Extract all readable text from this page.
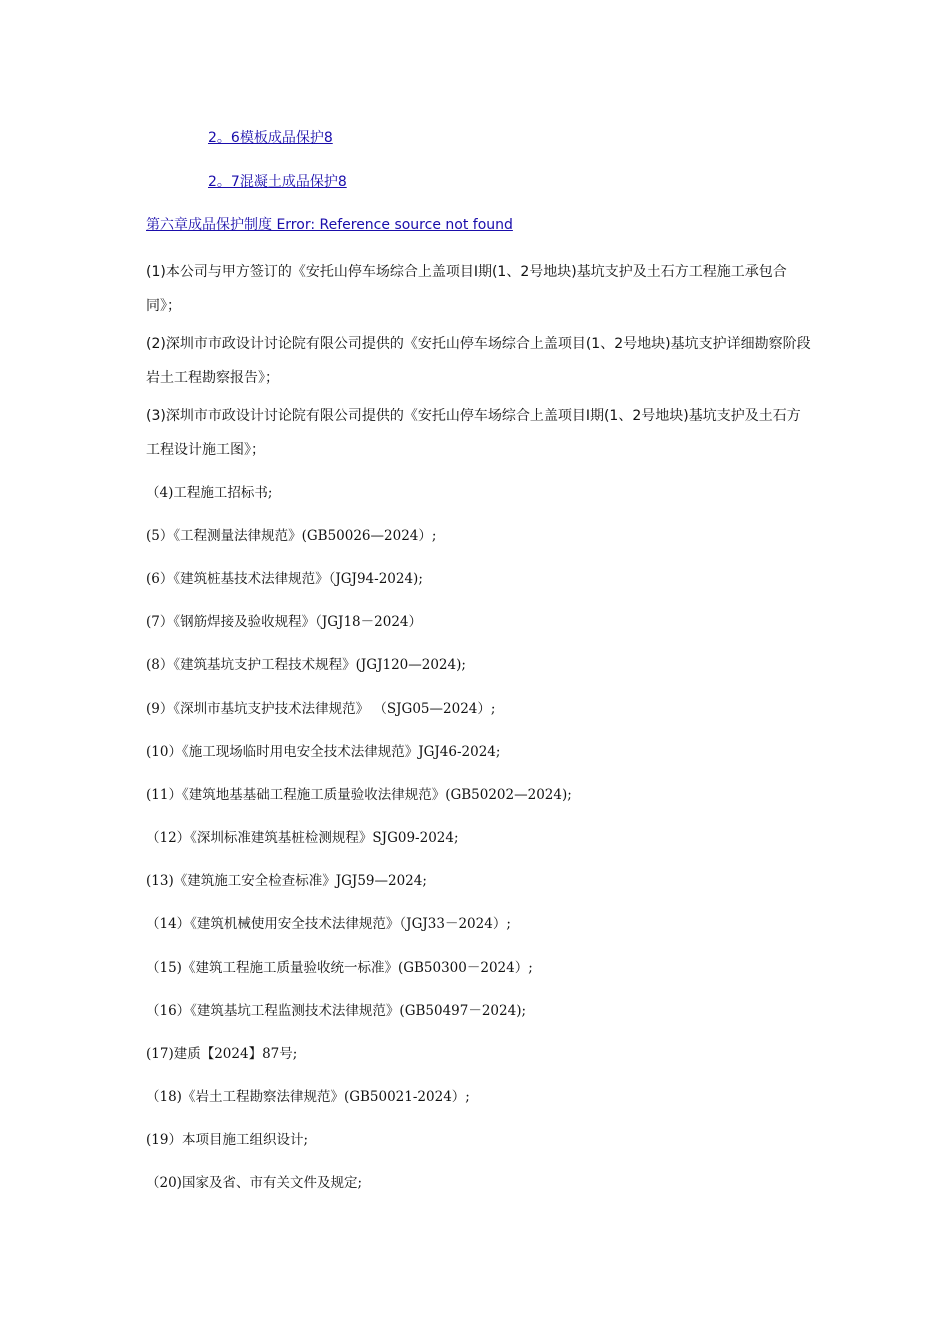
2。6模板成品保护8
2。7混凝土成品保护8
第六章成品保护制度 Error: Reference source not found

(1)本公司与甲方签订的《安托山停车场综合上盖项目Ⅰ期(1、2号地块)基坑支护及土石方工程施工承包合同》；

(2)深圳市市政设计讨论院有限公司提供的《安托山停车场综合上盖项目(1、2号地块)基坑支护详细勘察阶段岩土工程勘察报告》；

(3)深圳市市政设计讨论院有限公司提供的《安托山停车场综合上盖项目Ⅰ期(1、2号地块)基坑支护及土石方工程设计施工图》；

（4)工程施工招标书;

(5）《工程测量法律规范》(GB50026—2024）;

(6）《建筑桩基技术法律规范》（JGJ94-2024);

(7）《钢筋焊接及验收规程》（JGJ18－2024）

(8）《建筑基坑支护工程技术规程》(JGJ120—2024);

(9）《深圳市基坑支护技术法律规范》 （SJG05—2024）;

(10）《施工现场临时用电安全技术法律规范》JGJ46-2024;

(11）《建筑地基基础工程施工质量验收法律规范》(GB50202—2024);

（12）《深圳标准建筑基桩检测规程》SJG09-2024;

(13)《建筑施工安全检查标准》JGJ59—2024;

（14）《建筑机械使用安全技术法律规范》（JGJ33－2024）;

（15)《建筑工程施工质量验收统一标准》(GB50300－2024）;

（16）《建筑基坑工程监测技术法律规范》(GB50497－2024);

(17)建质【2024】87号;

（18)《岩土工程勘察法律规范》(GB50021-2024）;

(19）本项目施工组织设计;

（20)国家及省、市有关文件及规定;
